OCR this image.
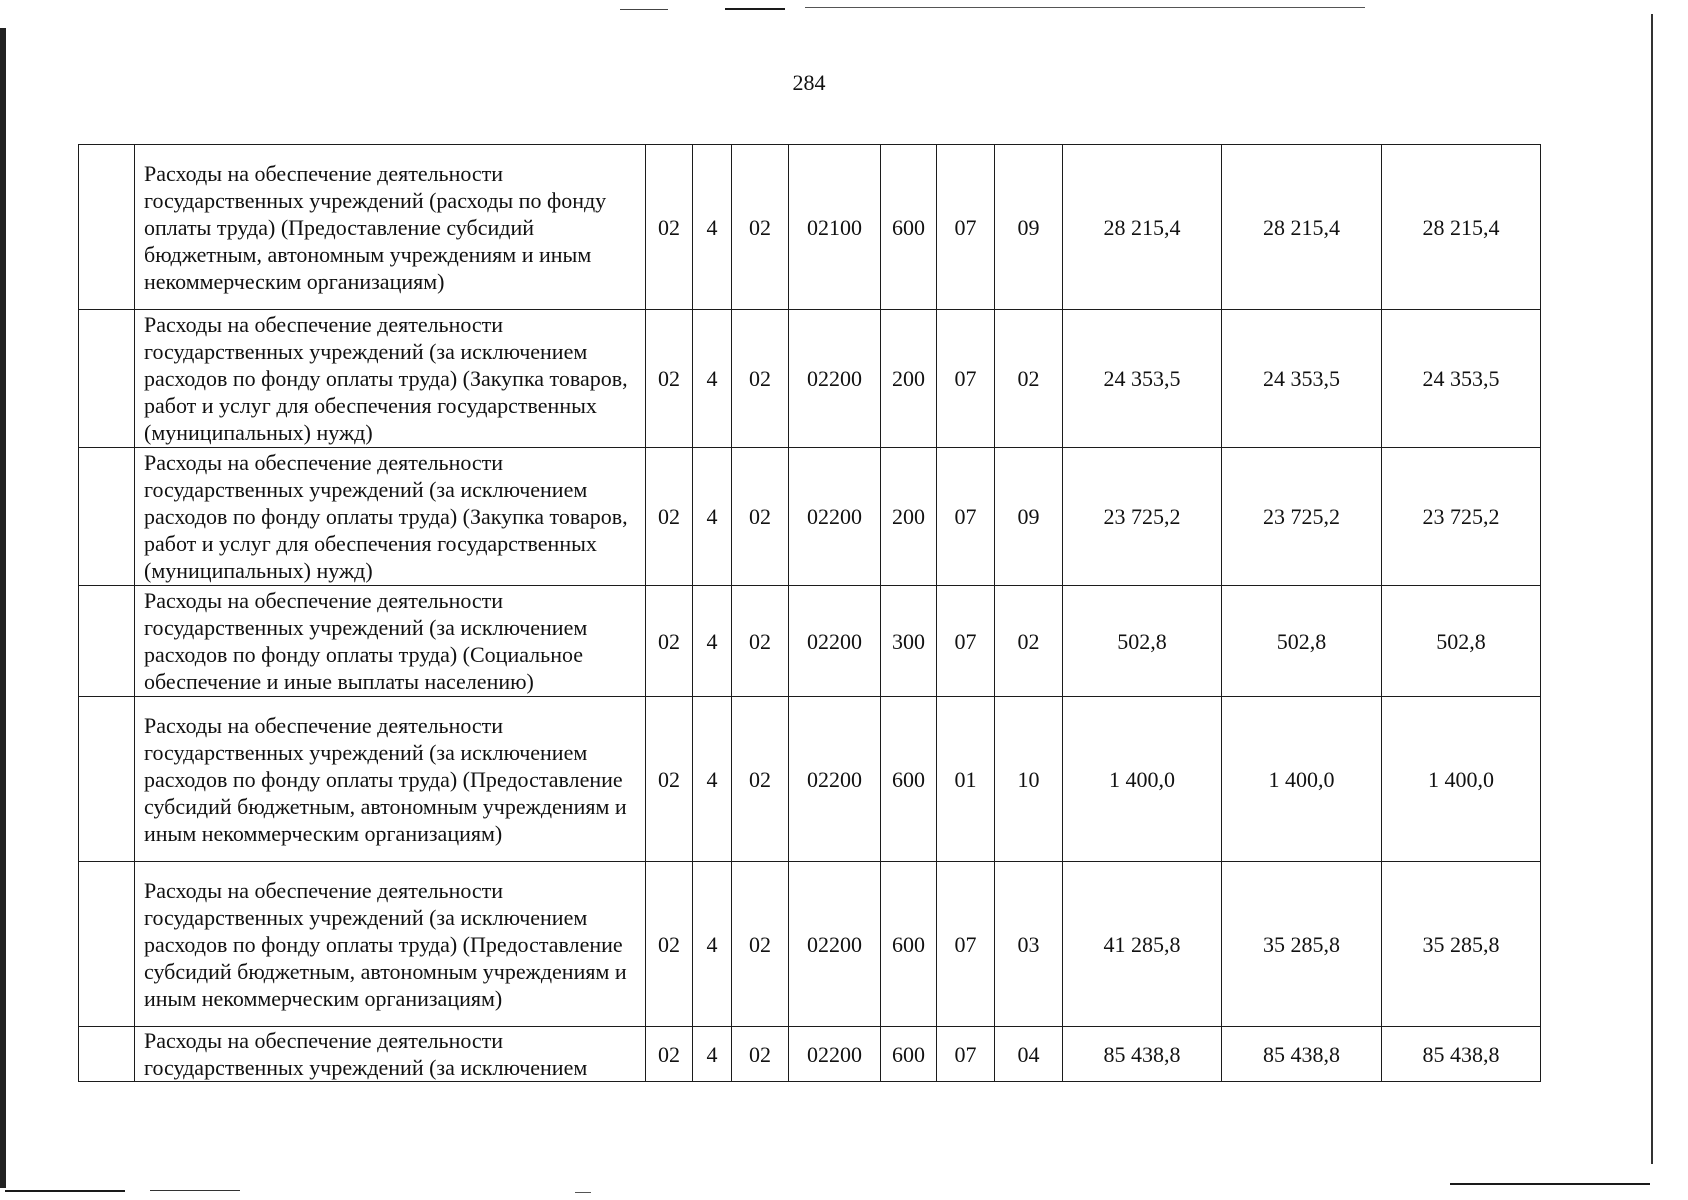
284
	Расходы на обеспечение деятельности государственных учреждений (расходы по фонду оплаты труда) (Предоставление субсидий бюджетным, автономным учреждениям и иным некоммерческим организациям)	02	4	02	02100	600	07	09	28 215,4	28 215,4	28 215,4
	Расходы на обеспечение деятельности государственных учреждений (за исключением расходов по фонду оплаты труда) (Закупка товаров, работ и услуг для обеспечения государственных (муниципальных) нужд)	02	4	02	02200	200	07	02	24 353,5	24 353,5	24 353,5
	Расходы на обеспечение деятельности государственных учреждений (за исключением расходов по фонду оплаты труда) (Закупка товаров, работ и услуг для обеспечения государственных (муниципальных) нужд)	02	4	02	02200	200	07	09	23 725,2	23 725,2	23 725,2
	Расходы на обеспечение деятельности государственных учреждений (за исключением расходов по фонду оплаты труда) (Социальное обеспечение и иные выплаты населению)	02	4	02	02200	300	07	02	502,8	502,8	502,8
	Расходы на обеспечение деятельности государственных учреждений (за исключением расходов по фонду оплаты труда) (Предоставление субсидий бюджетным, автономным учреждениям и иным некоммерческим организациям)	02	4	02	02200	600	01	10	1 400,0	1 400,0	1 400,0
	Расходы на обеспечение деятельности государственных учреждений (за исключением расходов по фонду оплаты труда) (Предоставление субсидий бюджетным, автономным учреждениям и иным некоммерческим организациям)	02	4	02	02200	600	07	03	41 285,8	35 285,8	35 285,8
	Расходы на обеспечение деятельности государственных учреждений (за исключением	02	4	02	02200	600	07	04	85 438,8	85 438,8	85 438,8
